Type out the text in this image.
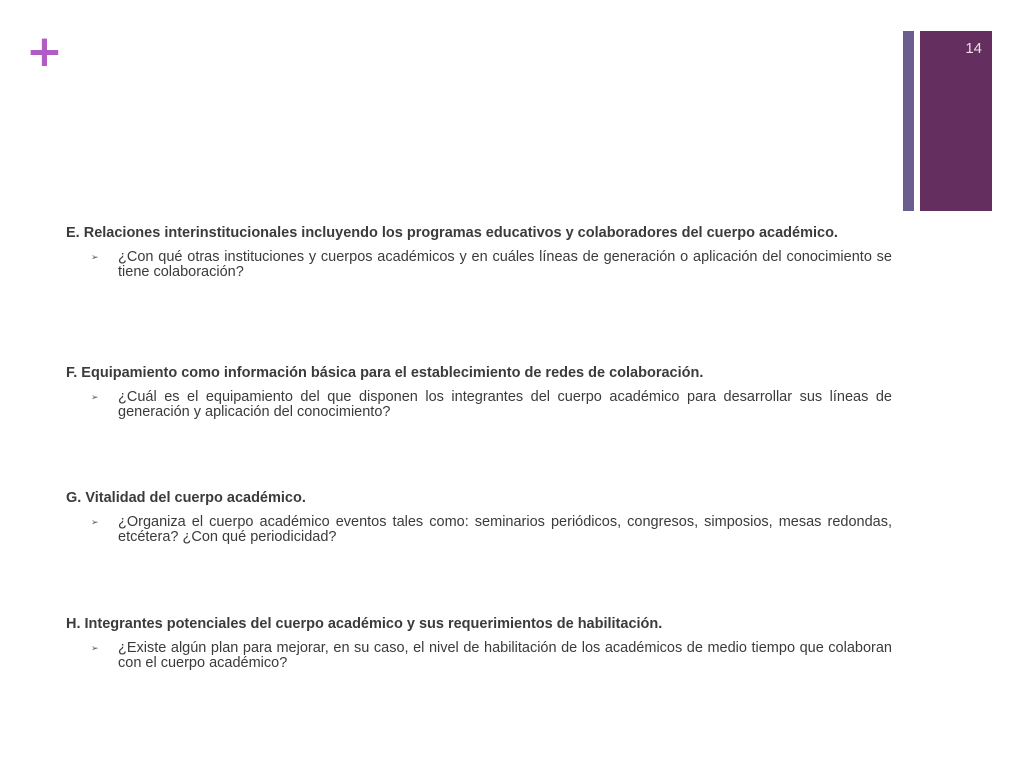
+	14

E. Relaciones interinstitucionales incluyendo los programas educativos y colaboradores del cuerpo académico.

➢ ¿Con qué otras instituciones y cuerpos académicos y en cuáles líneas de generación o aplicación del conocimiento se tiene colaboración?

F. Equipamiento como información básica para el establecimiento de redes de colaboración.

➢ ¿Cuál es el equipamiento del que disponen los integrantes del cuerpo académico para desarrollar sus líneas de generación y aplicación del conocimiento?

G. Vitalidad del cuerpo académico.

➢ ¿Organiza el cuerpo académico eventos tales como: seminarios periódicos, congresos, simposios, mesas redondas, etcétera? ¿Con qué periodicidad?

H. Integrantes potenciales del cuerpo académico y sus requerimientos de habilitación.

➢ ¿Existe algún plan para mejorar, en su caso, el nivel de habilitación de los académicos de medio tiempo que colaboran con el cuerpo académico?
